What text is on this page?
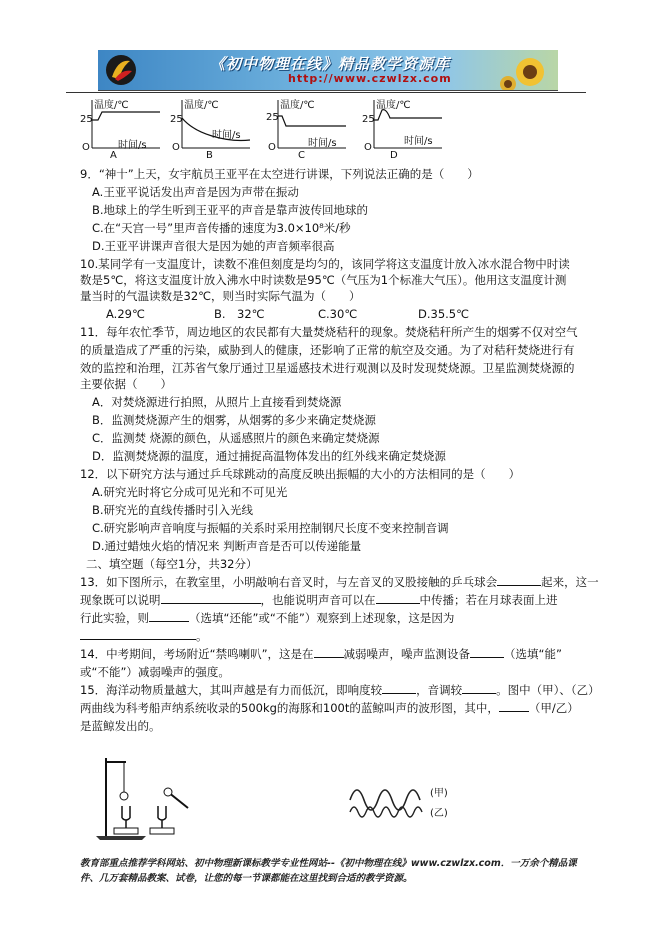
《初中物理在线》精品教学资源库
http://www.czwlzx.com
温度/℃
25
O	时间/s
A
温度/℃
25
O
时间/s
B
温度/℃
25
O	时间/s
C
温度/℃
25
O
时间/s
D
9．“神十”上天，女宇航员王亚平在太空进行讲课，下列说法正确的是（　　）
A.王亚平说话发出声音是因为声带在振动
B.地球上的学生听到王亚平的声音是靠声波传回地球的
C.在“天宫一号”里声音传播的速度为3.0×10⁸米/秒
D.王亚平讲课声音很大是因为她的声音频率很高
10.某同学有一支温度计，读数不准但刻度是均匀的，该同学将这支温度计放入冰水混合物中时读
数是5℃，将这支温度计放入沸水中时读数是95℃（气压为1个标准大气压）。他用这支温度计测
量当时的气温读数是32℃，则当时实际气温为（　　）
A.29℃	B.　32℃	C.30℃	D.35.5℃
11．每年农忙季节，周边地区的农民都有大量焚烧秸秆的现象。焚烧秸秆所产生的烟雾不仅对空气
的质量造成了严重的污染，威胁到人的健康，还影响了正常的航空及交通。为了对秸秆焚烧进行有
效的监控和治理，江苏省气象厅通过卫星遥感技术进行观测以及时发现焚烧源。卫星监测焚烧源的
主要依据（　　）
A．对焚烧源进行拍照，从照片上直接看到焚烧源
B．监测焚烧源产生的烟雾，从烟雾的多少来确定焚烧源
C．监测焚 烧源的颜色，从遥感照片的颜色来确定焚烧源
D．监测焚烧源的温度，通过捕捉高温物体发出的红外线来确定焚烧源
12．以下研究方法与通过乒乓球跳动的高度反映出振幅的大小的方法相同的是（　　）
A.研究光时将它分成可见光和不可见光
B.研究光的直线传播时引入光线
C.研究影响声音响度与振幅的关系时采用控制钢尺长度不变来控制音调
D.通过蜡烛火焰的情况来 判断声音是否可以传递能量
二、填空题（每空1分，共32分）
13．如下图所示，在教室里，小明敲响右音叉时，与左音叉的叉股接触的乒乓球会	起来，这一
现象既可以说明	，也能说明声音可以在	中传播；若在月球表面上进
行此实验，则	（选填“还能”或“不能”）观察到上述现象，这是因为
。
14．中考期间，考场附近“禁鸣喇叭”，这是在	减弱噪声，噪声监测设备	（选填“能”
或“不能”）减弱噪声的强度。
15．海洋动物质量越大，其叫声越是有力而低沉，即响度较	，音调较	。图中（甲）、（乙）
两曲线为科考船声纳系统收录的500kg的海豚和100t的蓝鲸叫声的波形图，其中，	（甲/乙）
是蓝鲸发出的。
(甲)
(乙)
教育部重点推荐学科网站、初中物理新课标教学专业性网站--《初中物理在线》www.czwlzx.com．一万余个精品课
件、几万套精品教案、试卷，让您的每一节课都能在这里找到合适的教学资源。
